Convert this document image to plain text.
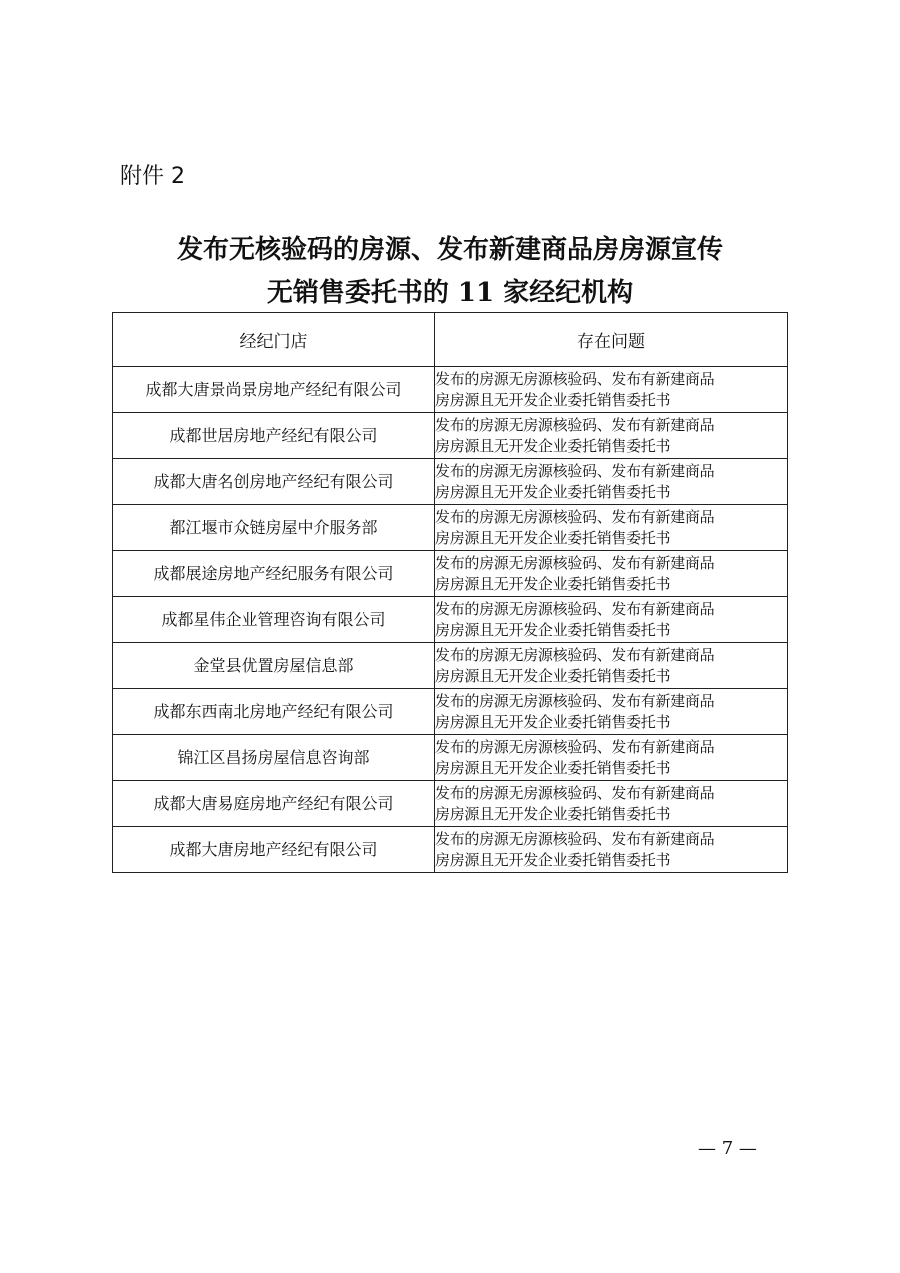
附件 2
发布无核验码的房源、发布新建商品房房源宣传
无销售委托书的 11 家经纪机构
经纪门店	存在问题
成都大唐景尚景房地产经纪有限公司	发布的房源无房源核验码、发布有新建商品
房房源且无开发企业委托销售委托书

成都世居房地产经纪有限公司	发布的房源无房源核验码、发布有新建商品
房房源且无开发企业委托销售委托书

成都大唐名创房地产经纪有限公司	发布的房源无房源核验码、发布有新建商品
房房源且无开发企业委托销售委托书

都江堰市众链房屋中介服务部	发布的房源无房源核验码、发布有新建商品
房房源且无开发企业委托销售委托书

成都展途房地产经纪服务有限公司	发布的房源无房源核验码、发布有新建商品
房房源且无开发企业委托销售委托书

成都星伟企业管理咨询有限公司	发布的房源无房源核验码、发布有新建商品
房房源且无开发企业委托销售委托书

金堂县优置房屋信息部	发布的房源无房源核验码、发布有新建商品
房房源且无开发企业委托销售委托书

成都东西南北房地产经纪有限公司	发布的房源无房源核验码、发布有新建商品
房房源且无开发企业委托销售委托书

锦江区昌扬房屋信息咨询部	发布的房源无房源核验码、发布有新建商品
房房源且无开发企业委托销售委托书

成都大唐易庭房地产经纪有限公司	发布的房源无房源核验码、发布有新建商品
房房源且无开发企业委托销售委托书

成都大唐房地产经纪有限公司	发布的房源无房源核验码、发布有新建商品
房房源且无开发企业委托销售委托书
— 7 —
